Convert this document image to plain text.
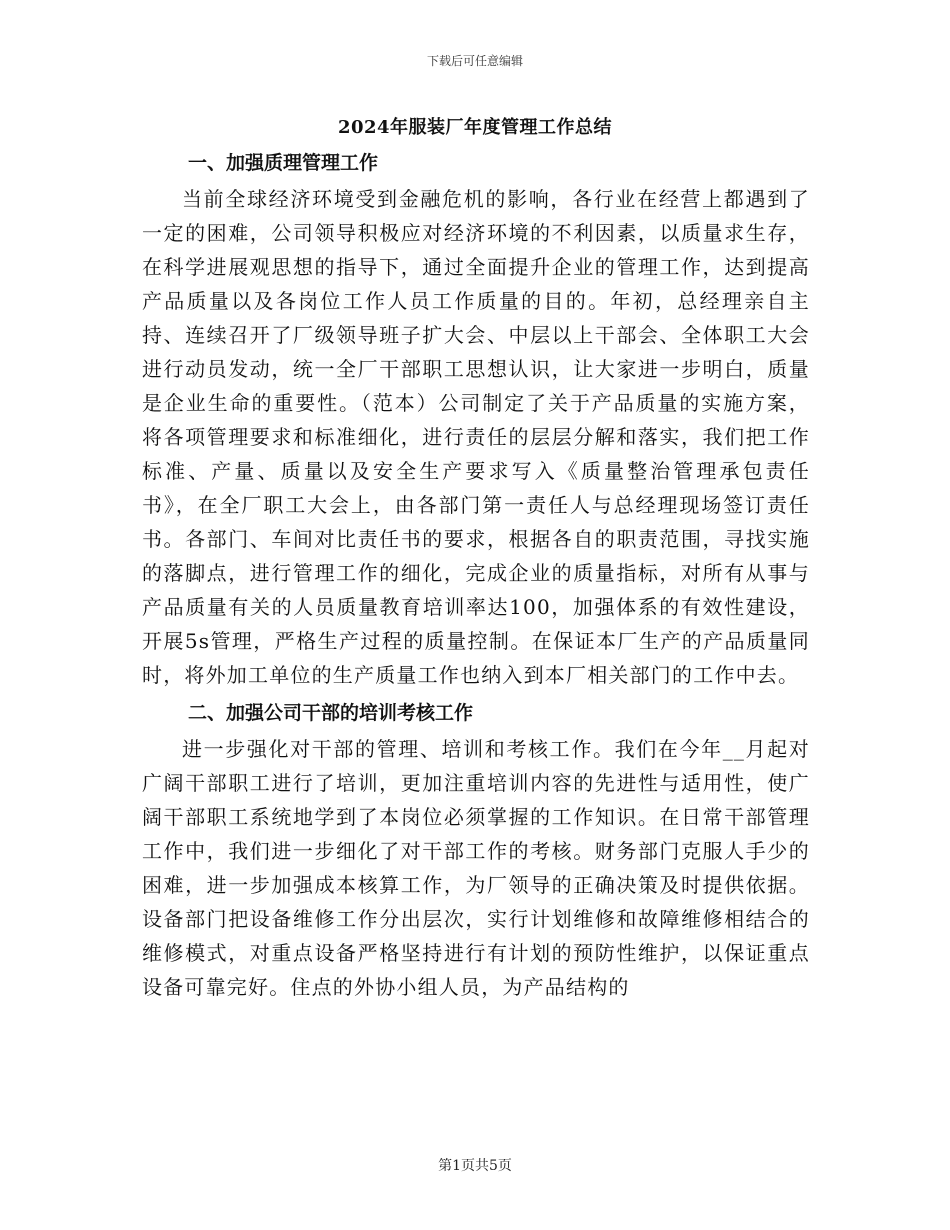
下载后可任意编辑
2024年服装厂年度管理工作总结
一、加强质理管理工作

当前全球经济环境受到金融危机的影响，各行业在经营上都遇到了一定的困难，公司领导积极应对经济环境的不利因素，以质量求生存，在科学进展观思想的指导下，通过全面提升企业的管理工作，达到提高产品质量以及各岗位工作人员工作质量的目的。年初，总经理亲自主持、连续召开了厂级领导班子扩大会、中层以上干部会、全体职工大会进行动员发动，统一全厂干部职工思想认识，让大家进一步明白，质量是企业生命的重要性。（范本）公司制定了关于产品质量的实施方案，将各项管理要求和标准细化，进行责任的层层分解和落实，我们把工作标准、产量、质量以及安全生产要求写入《质量整治管理承包责任书》，在全厂职工大会上，由各部门第一责任人与总经理现场签订责任书。各部门、车间对比责任书的要求，根据各自的职责范围，寻找实施的落脚点，进行管理工作的细化，完成企业的质量指标，对所有从事与产品质量有关的人员质量教育培训率达100，加强体系的有效性建设，开展5s管理，严格生产过程的质量控制。在保证本厂生产的产品质量同时，将外加工单位的生产质量工作也纳入到本厂相关部门的工作中去。

二、加强公司干部的培训考核工作

进一步强化对干部的管理、培训和考核工作。我们在今年__月起对广阔干部职工进行了培训，更加注重培训内容的先进性与适用性，使广阔干部职工系统地学到了本岗位必须掌握的工作知识。在日常干部管理工作中，我们进一步细化了对干部工作的考核。财务部门克服人手少的困难，进一步加强成本核算工作，为厂领导的正确决策及时提供依据。设备部门把设备维修工作分出层次，实行计划维修和故障维修相结合的维修模式，对重点设备严格坚持进行有计划的预防性维护，以保证重点设备可靠完好。住点的外协小组人员，为产品结构的

第1页共5页
